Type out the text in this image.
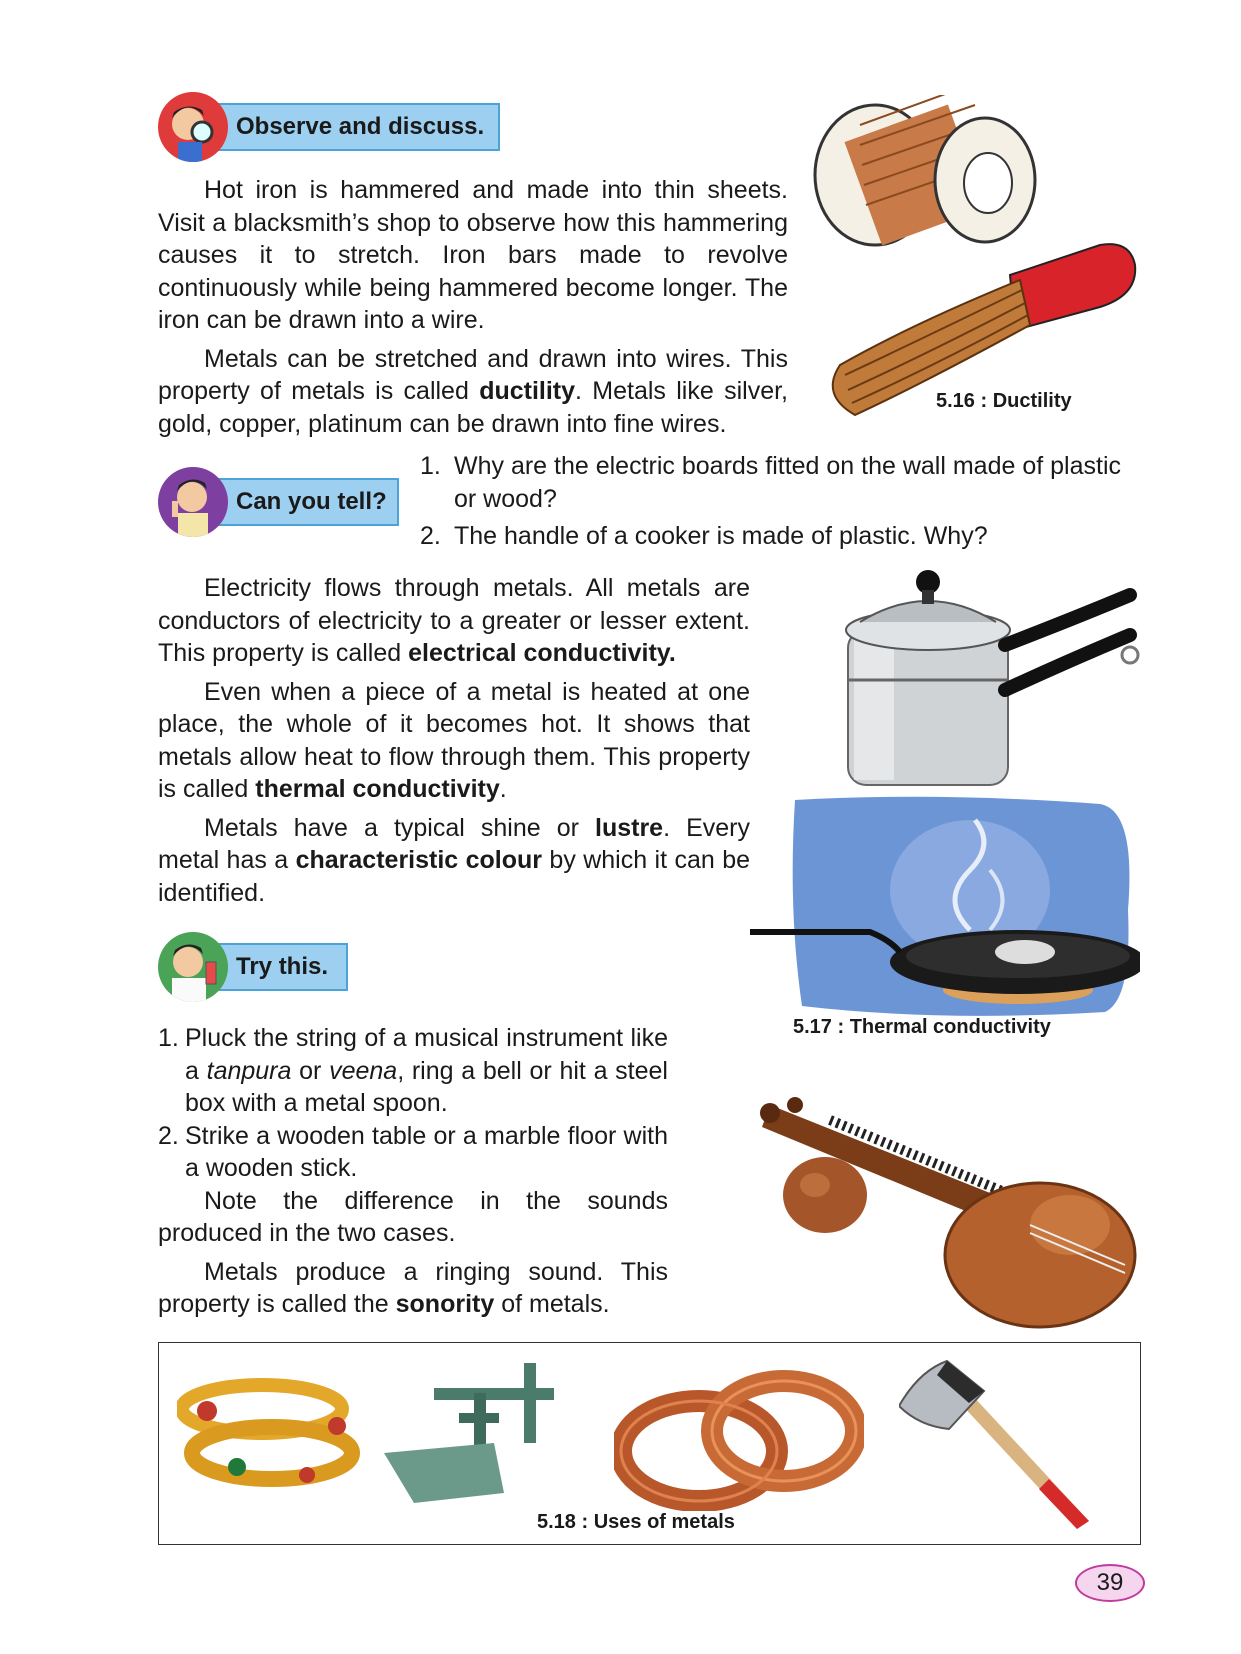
Observe and discuss.

Hot iron is hammered and made into thin sheets. Visit a blacksmith’s shop to observe how this hammering causes it to stretch. Iron bars made to revolve continuously while being hammered become longer. The iron can be drawn into a wire.

Metals can be stretched and drawn into wires. This property of metals is called ductility. Metals like silver, gold, copper, platinum can be drawn into fine wires.

5.16 : Ductility
Can you tell?
1. Why are the electric boards fitted on the wall made of plastic or wood?
2. The handle of a cooker is made of plastic. Why?

Electricity flows through metals. All metals are conductors of electricity to a greater or lesser extent. This property is called electrical conductivity.

Even when a piece of a metal is heated at one place, the whole of it becomes hot. It shows that metals allow heat to flow through them. This property is called thermal conductivity.

Metals have a typical shine or lustre. Every metal has a characteristic colour by which it can be identified.

5.17 : Thermal conductivity
Try this.
1. Pluck the string of a musical instrument like a tanpura or veena, ring a bell or hit a steel box with a metal spoon.
2. Strike a wooden table or a marble floor with a wooden stick.

Note the difference in the sounds produced in the two cases.

Metals produce a ringing sound. This property is called the sonority of metals.

5.18 : Uses of metals
39
